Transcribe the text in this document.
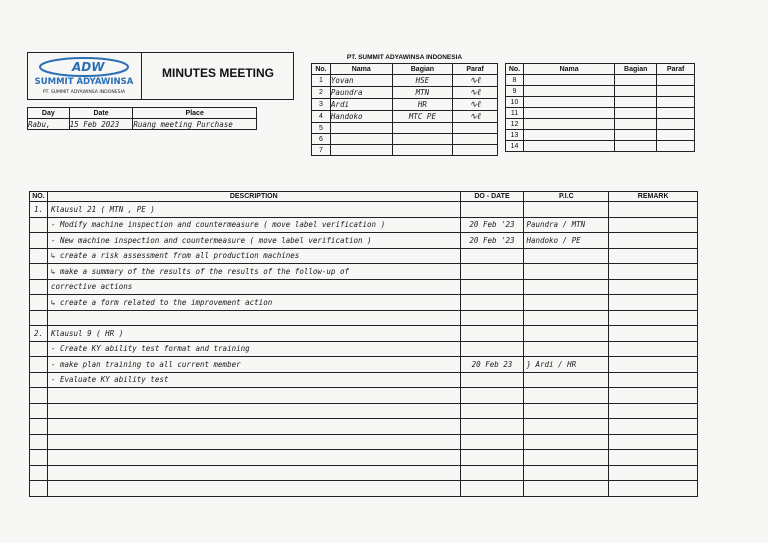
ADW
SUMMIT ADYAWINSA
PT. SUMMIT ADYAWINSA INDONESIA
MINUTES MEETING
Day	Date	Place
Rabu,	15 Feb 2023	Ruang meeting Purchase
PT. SUMMIT ADYAWINSA INDONESIA
No.	Nama	Bagian	Paraf
1	Yovan	HSE	∿ℓ
2	Paundra	MTN	∿ℓ
3	Ardi	HR	∿ℓ
4	Handoko	MTC PE	∿ℓ
5			
6			
7			
No.	Nama	Bagian	Paraf
8			
9			
10			
11			
12			
13			
14			
NO.	DESCRIPTION	DO - DATE	P.I.C	REMARK
1.	Klausul 21 ( MTN , PE )			
	- Modify machine inspection and countermeasure ( move label verification )	20 Feb '23	Paundra / MTN	
	- New machine inspection and countermeasure ( move label verification )	20 Feb '23	Handoko / PE	
	↳ create a risk assessment from all production machines			
	↳ make a summary of the results of the results of the follow-up of			
	corrective actions			
	↳ create a form related to the improvement action			

2.	Klausul 9 ( HR )			
	- Create KY ability test format and training			
	- make plan training to all current member	20 Feb 23	} Ardi / HR	
	- Evaluate KY ability test			
